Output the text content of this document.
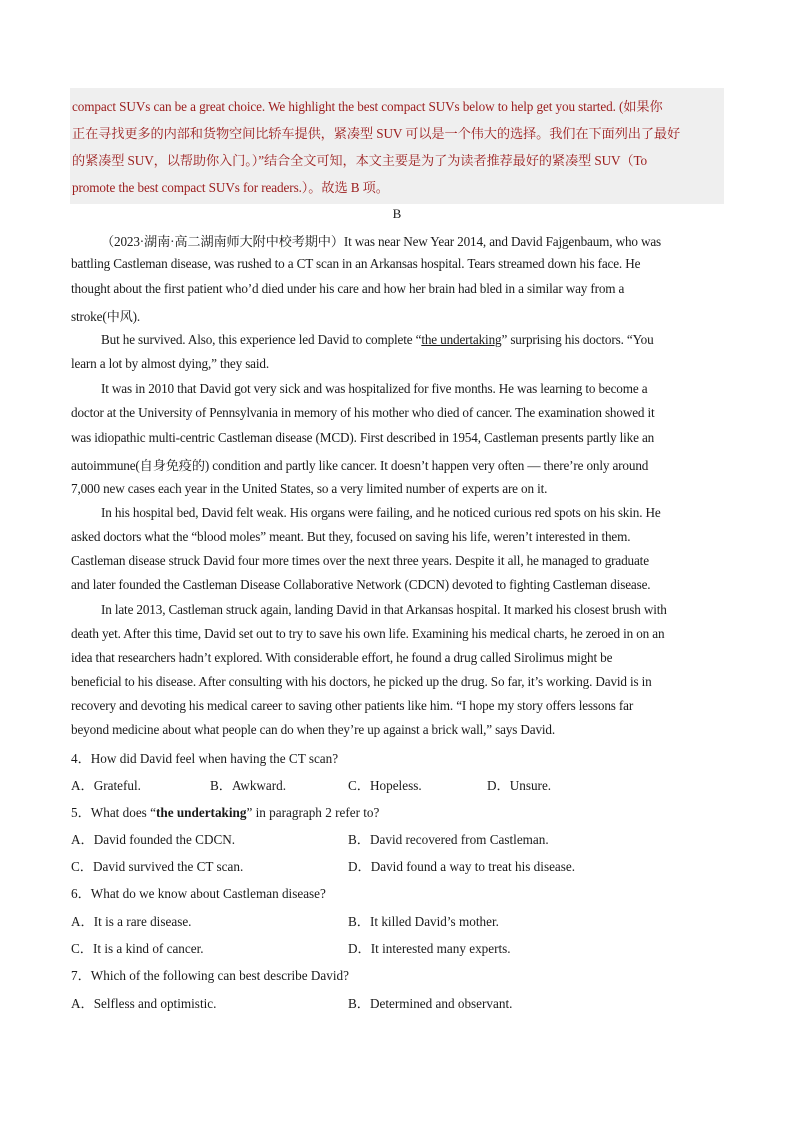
compact SUVs can be a great choice. We highlight the best compact SUVs below to help get you started. (如果你
正在寻找更多的内部和货物空间比轿车提供，紧凑型 SUV 可以是一个伟大的选择。我们在下面列出了最好
的紧凑型 SUV，以帮助你入门。）”结合全文可知，本文主要是为了为读者推荐最好的紧凑型 SUV（To
promote the best compact SUVs for readers.）。故选 B 项。
B
（2023·湖南·高二湖南师大附中校考期中）It was near New Year 2014, and David Fajgenbaum, who was
battling Castleman disease, was rushed to a CT scan in an Arkansas hospital. Tears streamed down his face. He
thought about the first patient who’d died under his care and how her brain had bled in a similar way from a
stroke(中风).
But he survived. Also, this experience led David to complete “the undertaking” surprising his doctors. “You
learn a lot by almost dying,” they said.
It was in 2010 that David got very sick and was hospitalized for five months. He was learning to become a
doctor at the University of Pennsylvania in memory of his mother who died of cancer. The examination showed it
was idiopathic multi-centric Castleman disease (MCD). First described in 1954, Castleman presents partly like an
autoimmune(自身免疫的) condition and partly like cancer. It doesn’t happen very often — there’re only around
7,000 new cases each year in the United States, so a very limited number of experts are on it.
In his hospital bed, David felt weak. His organs were failing, and he noticed curious red spots on his skin. He
asked doctors what the “blood moles” meant. But they, focused on saving his life, weren’t interested in them.
Castleman disease struck David four more times over the next three years. Despite it all, he managed to graduate
and later founded the Castleman Disease Collaborative Network (CDCN) devoted to fighting Castleman disease.
In late 2013, Castleman struck again, landing David in that Arkansas hospital. It marked his closest brush with
death yet. After this time, David set out to try to save his own life. Examining his medical charts, he zeroed in on an
idea that researchers hadn’t explored. With considerable effort, he found a drug called Sirolimus might be
beneficial to his disease. After consulting with his doctors, he picked up the drug. So far, it’s working. David is in
recovery and devoting his medical career to saving other patients like him. “I hope my story offers lessons far
beyond medicine about what people can do when they’re up against a brick wall,” says David.
4．How did David feel when having the CT scan?
A．Grateful.	B．Awkward.	C．Hopeless.	D．Unsure.
5．What does “the undertaking” in paragraph 2 refer to?
A．David founded the CDCN.	B．David recovered from Castleman.
C．David survived the CT scan.	D．David found a way to treat his disease.
6．What do we know about Castleman disease?
A．It is a rare disease.	B．It killed David’s mother.
C．It is a kind of cancer.	D．It interested many experts.
7．Which of the following can best describe David?
A．Selfless and optimistic.	B．Determined and observant.
